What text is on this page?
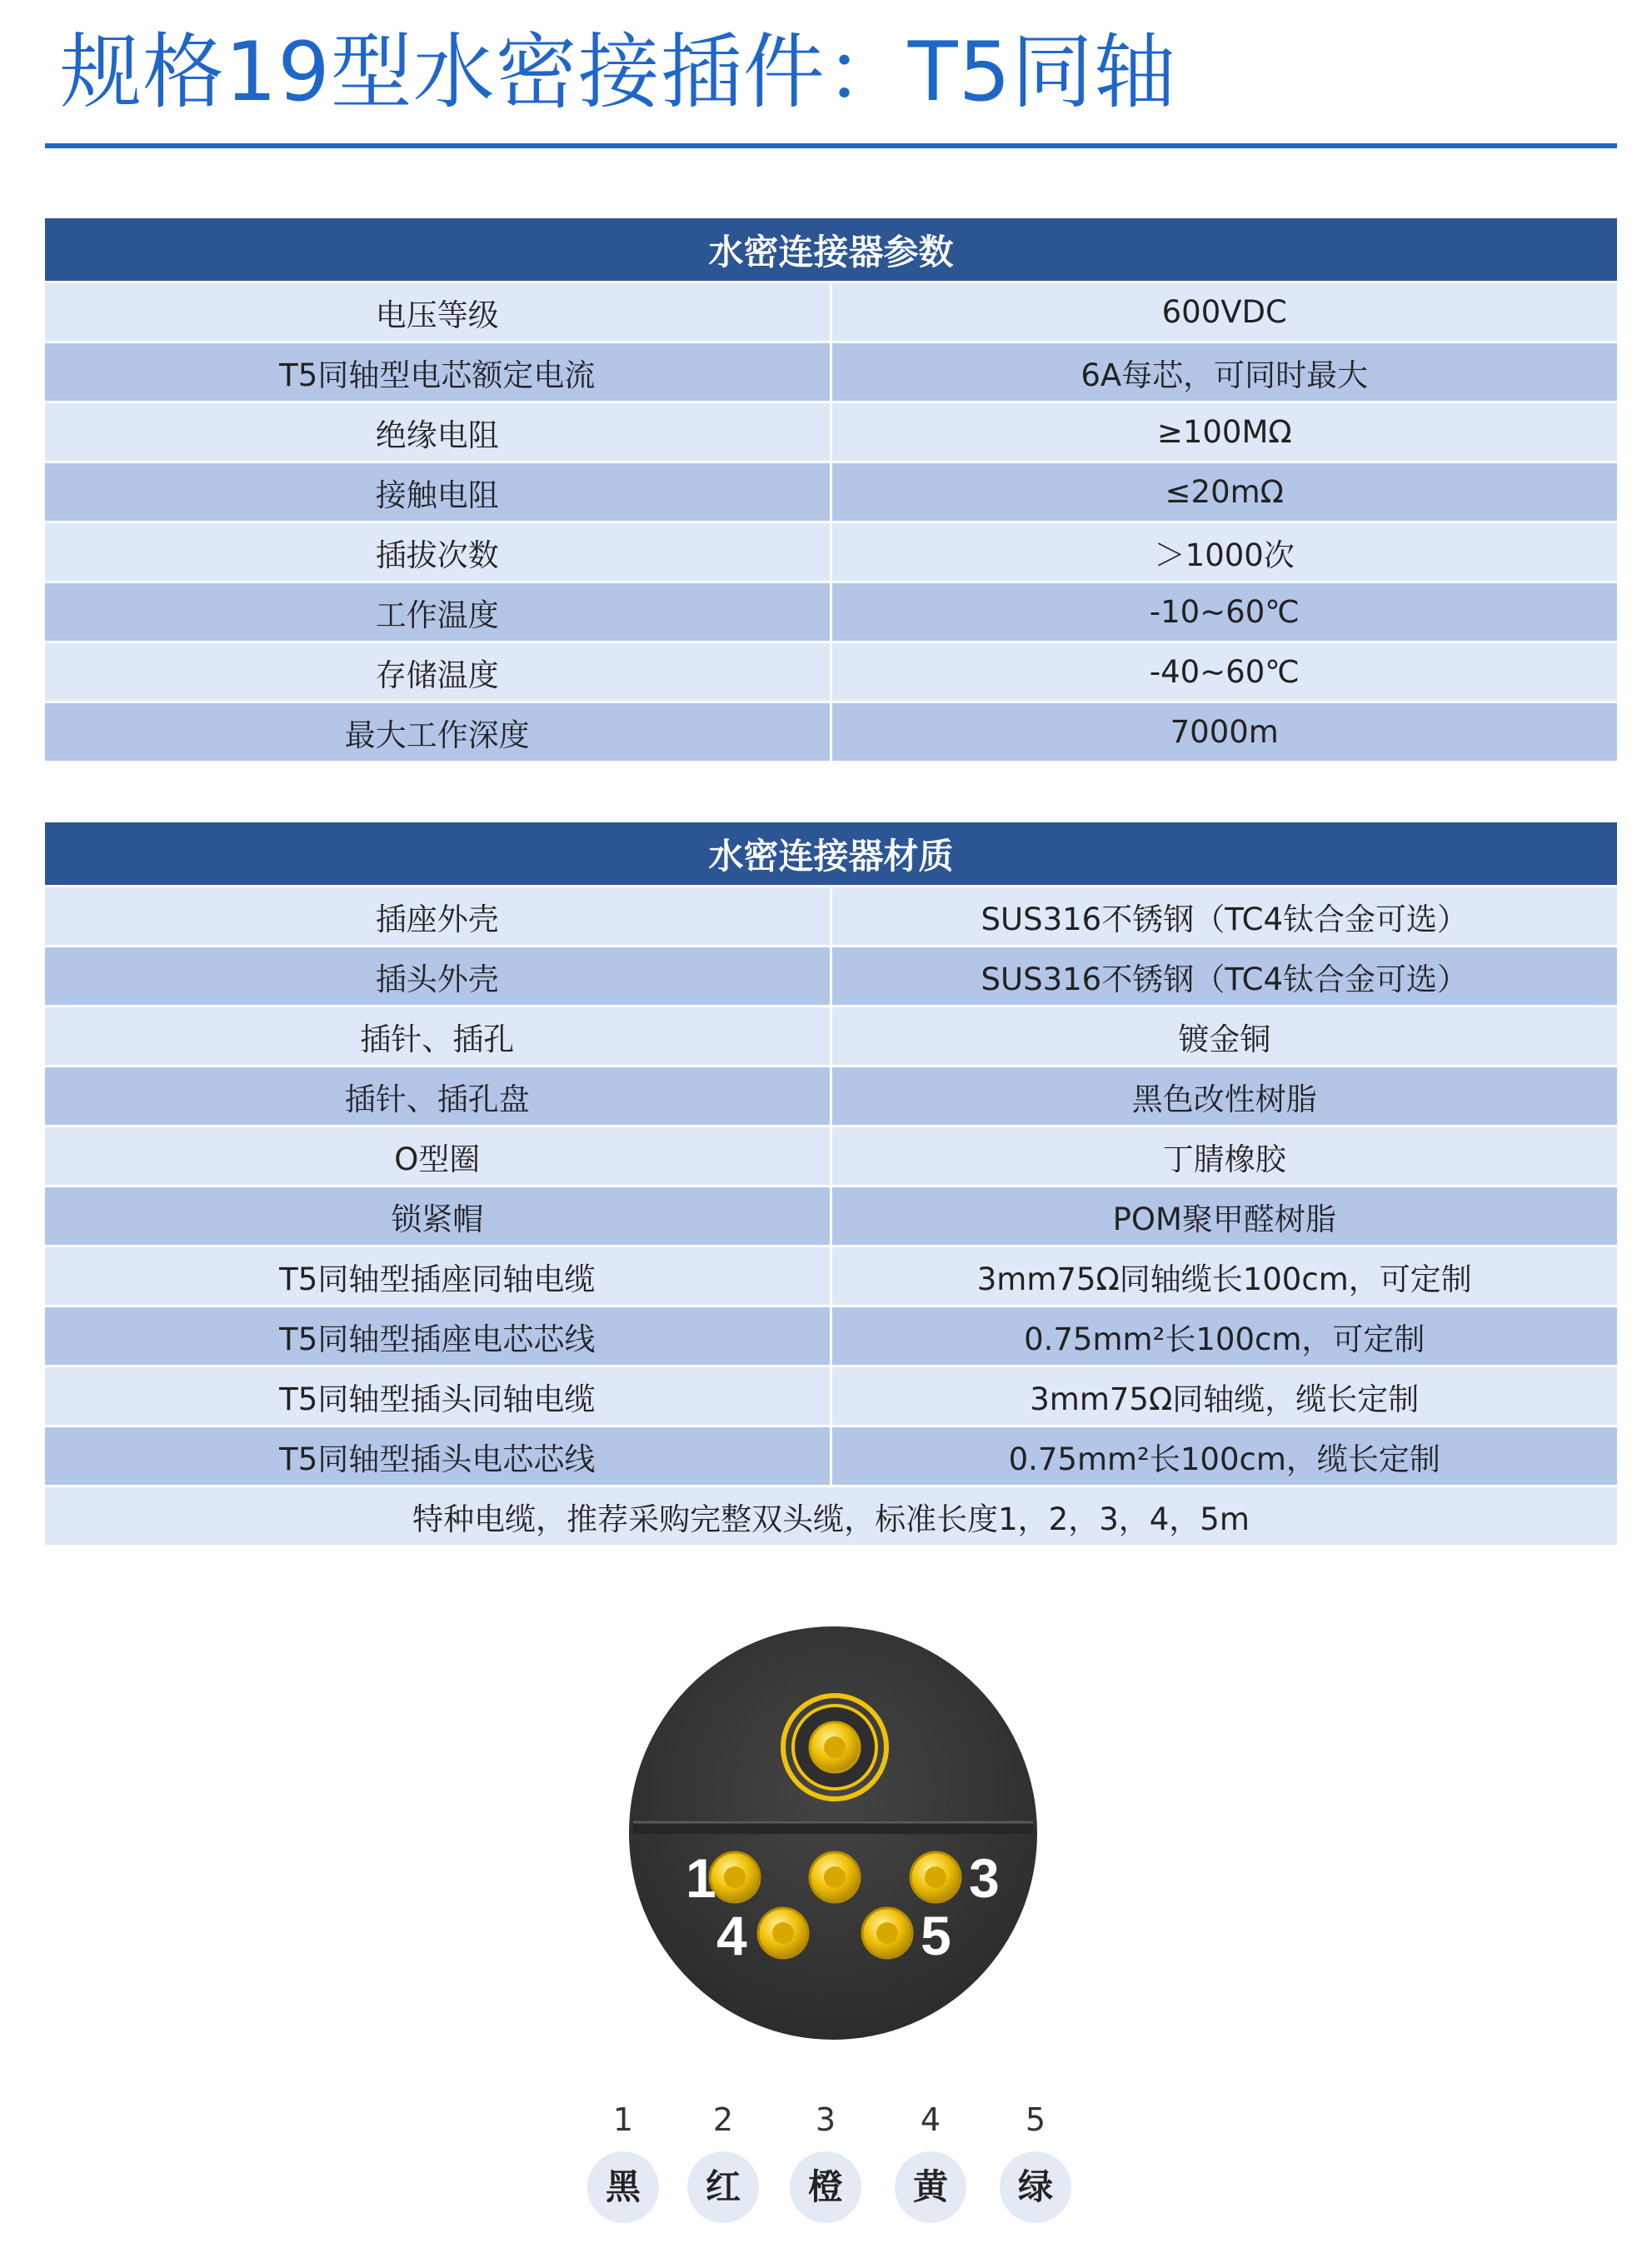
规格19型水密接插件：T5同轴
水密连接器参数	
电压等级	600VDC
T5同轴型电芯额定电流	6A每芯，可同时最大
绝缘电阻	≥100MΩ
接触电阻	≤20mΩ
插拔次数	＞1000次
工作温度	-10~60℃
存储温度	-40~60℃
最大工作深度	7000m
水密连接器材质	
插座外壳	SUS316不锈钢（TC4钛合金可选）
插头外壳	SUS316不锈钢（TC4钛合金可选）
插针、插孔	镀金铜
插针、插孔盘	黑色改性树脂
O型圈	丁腈橡胶
锁紧帽	POM聚甲醛树脂
T5同轴型插座同轴电缆	3mm75Ω同轴缆长100cm，可定制
T5同轴型插座电芯芯线	0.75mm²长100cm，可定制
T5同轴型插头同轴电缆	3mm75Ω同轴缆，缆长定制
T5同轴型插头电芯芯线	0.75mm²长100cm，缆长定制
特种电缆，推荐采购完整双头缆，标准长度1，2，3，4，5m	
1	3
4	5
1	2	3	4	5
黑	红	橙	黄	绿
